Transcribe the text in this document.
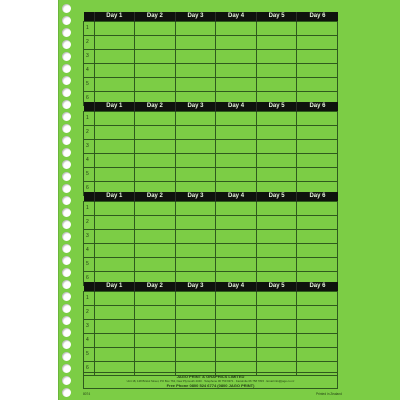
	Day 1	Day 2	Day 3	Day 4	Day 5	Day 6
1						
2						
3						
4						
5						
6						
	Day 1	Day 2	Day 3	Day 4	Day 5	Day 6
1						
2						
3						
4						
5						
6						
	Day 1	Day 2	Day 3	Day 4	Day 5	Day 6
1						
2						
3						
4						
5						
6						
	Day 1	Day 2	Day 3	Day 4	Day 5	Day 6
1						
2						
3						
4						
5						
6						
JAGO PRINT & GRAPHICS LIMITED
Unit 18, 128 Bristol Street, PO Box 762, New Plymouth 4340 · Telephone 06 759 9971 · Facsimile 06 758 7815 · Email info@jago.co.nz
Free Phone 0800 524 6774 (0800 JAGO PRINT)
8074	Printed in Zealand
